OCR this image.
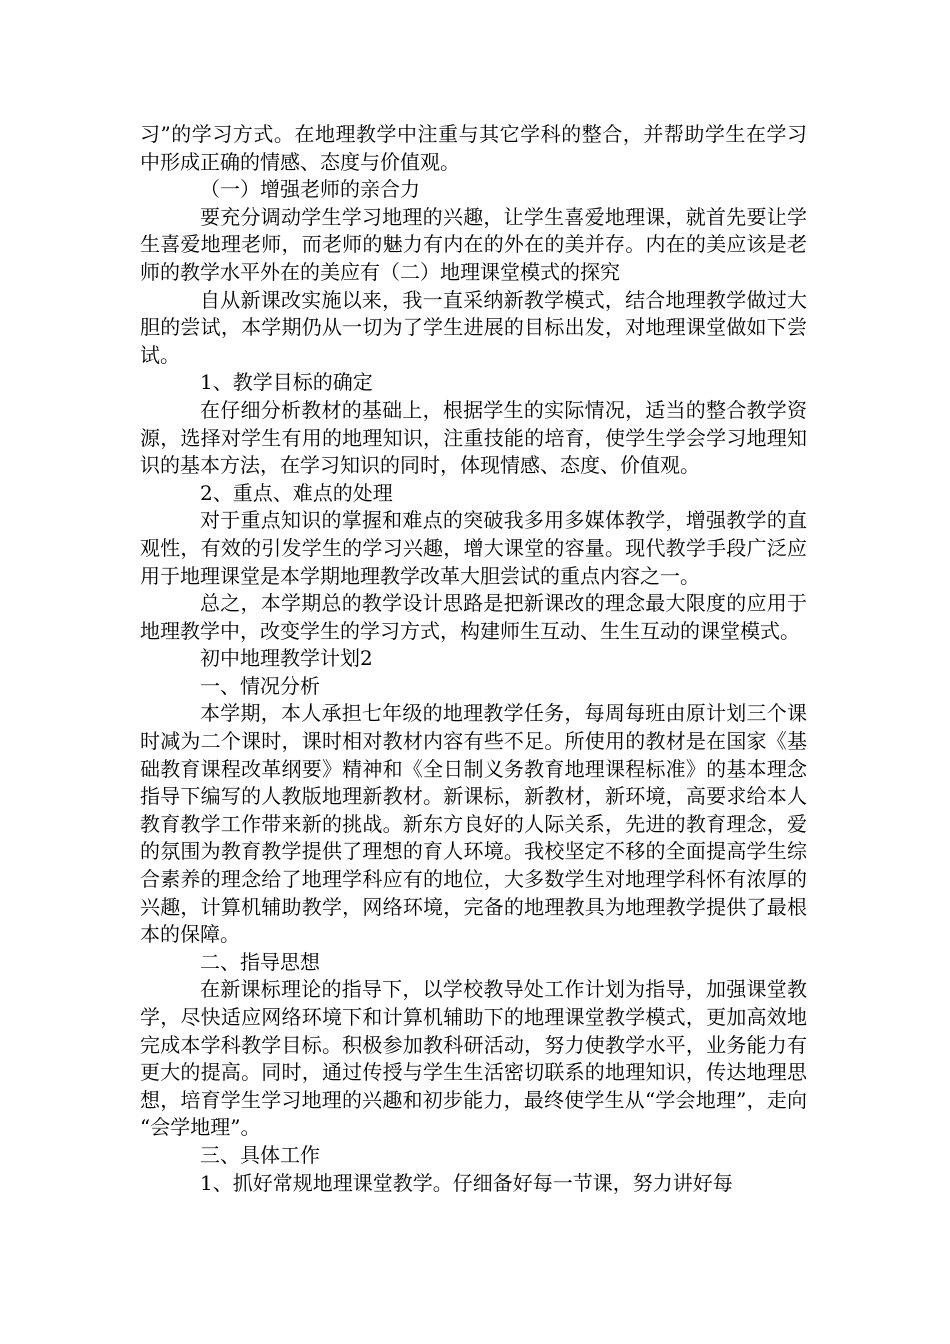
习”的学习方式。在地理教学中注重与其它学科的整合，并帮助学生在学习中形成正确的情感、态度与价值观。

（一）增强老师的亲合力

要充分调动学生学习地理的兴趣，让学生喜爱地理课，就首先要让学生喜爱地理老师，而老师的魅力有内在的外在的美并存。内在的美应该是老师的教学水平外在的美应有（二）地理课堂模式的探究

自从新课改实施以来，我一直采纳新教学模式，结合地理教学做过大胆的尝试，本学期仍从一切为了学生进展的目标出发，对地理课堂做如下尝试。

1、教学目标的确定

在仔细分析教材的基础上，根据学生的实际情况，适当的整合教学资源，选择对学生有用的地理知识，注重技能的培育，使学生学会学习地理知识的基本方法，在学习知识的同时，体现情感、态度、价值观。

2、重点、难点的处理

对于重点知识的掌握和难点的突破我多用多媒体教学，增强教学的直观性，有效的引发学生的学习兴趣，增大课堂的容量。现代教学手段广泛应用于地理课堂是本学期地理教学改革大胆尝试的重点内容之一。

总之，本学期总的教学设计思路是把新课改的理念最大限度的应用于地理教学中，改变学生的学习方式，构建师生互动、生生互动的课堂模式。

初中地理教学计划2

一、情况分析

本学期，本人承担七年级的地理教学任务，每周每班由原计划三个课时减为二个课时，课时相对教材内容有些不足。所使用的教材是在国家《基础教育课程改革纲要》精神和《全日制义务教育地理课程标准》的基本理念指导下编写的人教版地理新教材。新课标，新教材，新环境，高要求给本人教育教学工作带来新的挑战。新东方良好的人际关系，先进的教育理念，爱的氛围为教育教学提供了理想的育人环境。我校坚定不移的全面提高学生综合素养的理念给了地理学科应有的地位，大多数学生对地理学科怀有浓厚的兴趣，计算机辅助教学，网络环境，完备的地理教具为地理教学提供了最根本的保障。

二、指导思想

在新课标理论的指导下，以学校教导处工作计划为指导，加强课堂教学，尽快适应网络环境下和计算机辅助下的地理课堂教学模式，更加高效地完成本学科教学目标。积极参加教科研活动，努力使教学水平，业务能力有更大的提高。同时，通过传授与学生生活密切联系的地理知识，传达地理思想，培育学生学习地理的兴趣和初步能力，最终使学生从“学会地理”，走向“会学地理”。

三、具体工作

1、抓好常规地理课堂教学。仔细备好每一节课，努力讲好每
